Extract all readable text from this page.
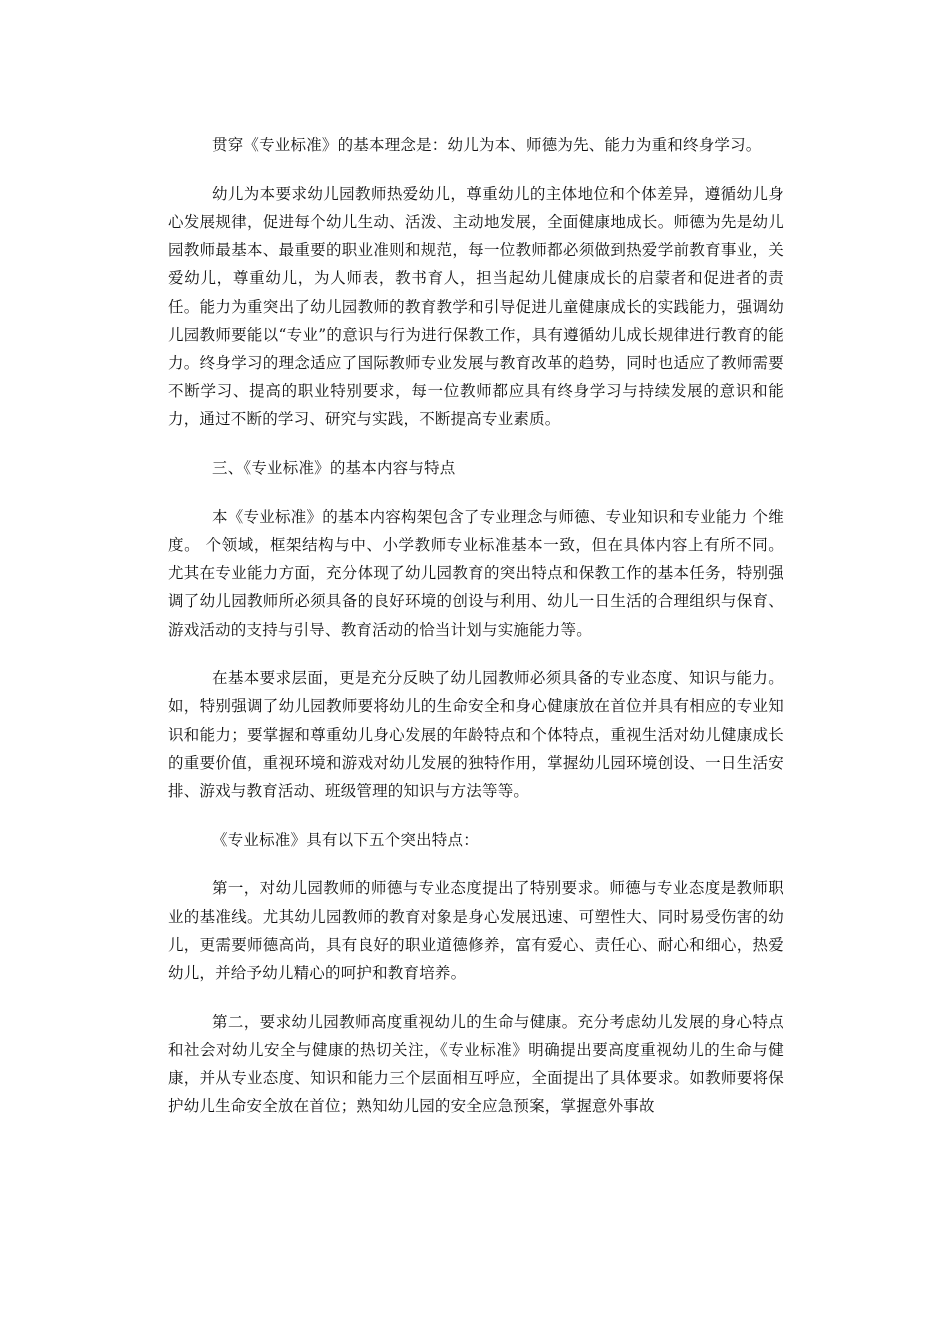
贯穿《专业标准》的基本理念是：幼儿为本、师德为先、能力为重和终身学习。

幼儿为本要求幼儿园教师热爱幼儿，尊重幼儿的主体地位和个体差异，遵循幼儿身心发展规律，促进每个幼儿生动、活泼、主动地发展，全面健康地成长。师德为先是幼儿园教师最基本、最重要的职业准则和规范，每一位教师都必须做到热爱学前教育事业，关爱幼儿，尊重幼儿，为人师表，教书育人，担当起幼儿健康成长的启蒙者和促进者的责任。能力为重突出了幼儿园教师的教育教学和引导促进儿童健康成长的实践能力，强调幼儿园教师要能以“专业”的意识与行为进行保教工作，具有遵循幼儿成长规律进行教育的能力。终身学习的理念适应了国际教师专业发展与教育改革的趋势，同时也适应了教师需要不断学习、提高的职业特别要求，每一位教师都应具有终身学习与持续发展的意识和能力，通过不断的学习、研究与实践，不断提高专业素质。

三、《专业标准》的基本内容与特点

本《专业标准》的基本内容构架包含了专业理念与师德、专业知识和专业能力 个维度。 个领域，框架结构与中、小学教师专业标准基本一致，但在具体内容上有所不同。尤其在专业能力方面，充分体现了幼儿园教育的突出特点和保教工作的基本任务，特别强调了幼儿园教师所必须具备的良好环境的创设与利用、幼儿一日生活的合理组织与保育、游戏活动的支持与引导、教育活动的恰当计划与实施能力等。

在基本要求层面，更是充分反映了幼儿园教师必须具备的专业态度、知识与能力。如，特别强调了幼儿园教师要将幼儿的生命安全和身心健康放在首位并具有相应的专业知识和能力；要掌握和尊重幼儿身心发展的年龄特点和个体特点，重视生活对幼儿健康成长的重要价值，重视环境和游戏对幼儿发展的独特作用，掌握幼儿园环境创设、一日生活安排、游戏与教育活动、班级管理的知识与方法等等。

《专业标准》具有以下五个突出特点：

第一，对幼儿园教师的师德与专业态度提出了特别要求。师德与专业态度是教师职业的基准线。尤其幼儿园教师的教育对象是身心发展迅速、可塑性大、同时易受伤害的幼儿，更需要师德高尚，具有良好的职业道德修养，富有爱心、责任心、耐心和细心，热爱幼儿，并给予幼儿精心的呵护和教育培养。

第二，要求幼儿园教师高度重视幼儿的生命与健康。充分考虑幼儿发展的身心特点和社会对幼儿安全与健康的热切关注，《专业标准》明确提出要高度重视幼儿的生命与健康，并从专业态度、知识和能力三个层面相互呼应，全面提出了具体要求。如教师要将保护幼儿生命安全放在首位；熟知幼儿园的安全应急预案，掌握意外事故
